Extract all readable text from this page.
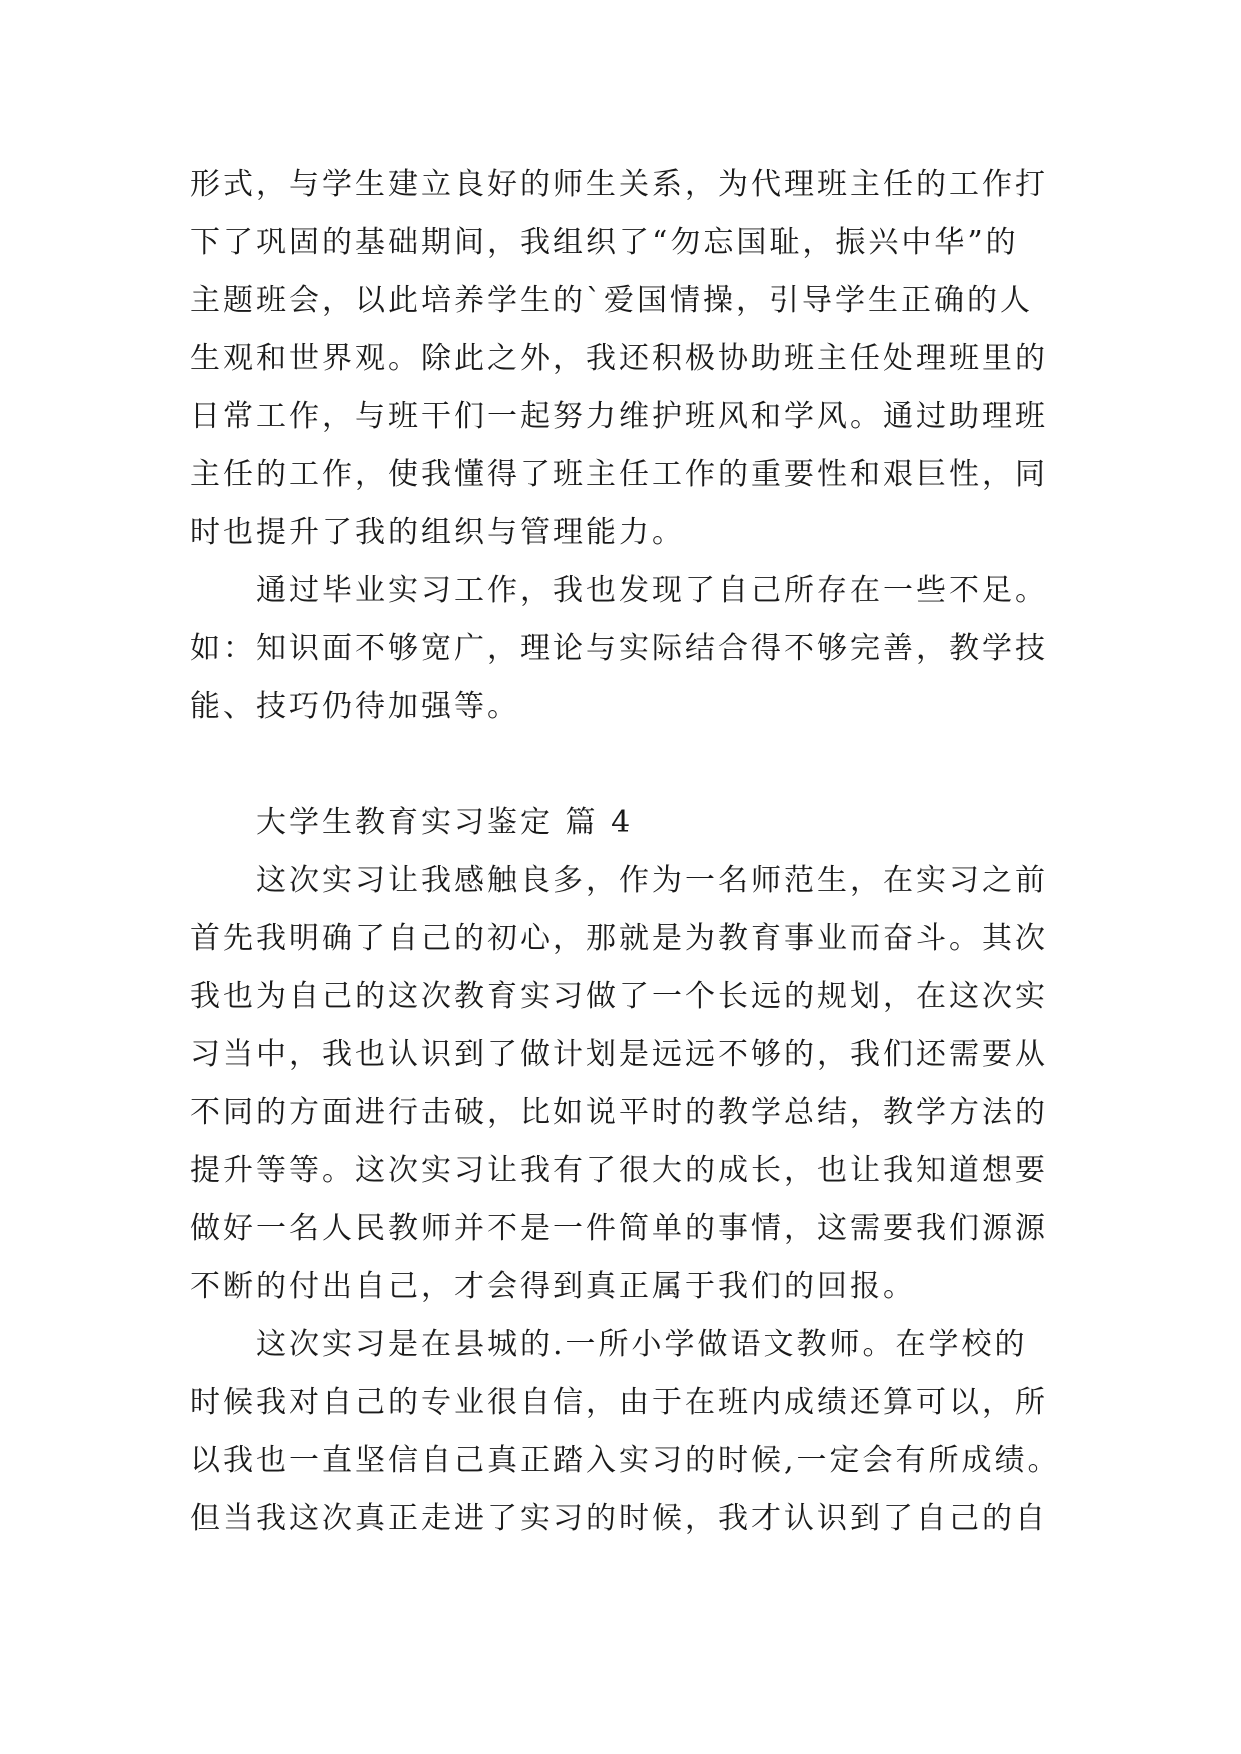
形式，与学生建立良好的师生关系，为代理班主任的工作打
下了巩固的基础期间，我组织了“勿忘国耻，振兴中华”的
主题班会，以此培养学生的`爱国情操，引导学生正确的人
生观和世界观。除此之外，我还积极协助班主任处理班里的
日常工作，与班干们一起努力维护班风和学风。通过助理班
主任的工作，使我懂得了班主任工作的重要性和艰巨性，同
时也提升了我的组织与管理能力。
通过毕业实习工作，我也发现了自己所存在一些不足。
如：知识面不够宽广，理论与实际结合得不够完善，教学技
能、技巧仍待加强等。
大学生教育实习鉴定 篇 4
这次实习让我感触良多，作为一名师范生，在实习之前
首先我明确了自己的初心，那就是为教育事业而奋斗。其次
我也为自己的这次教育实习做了一个长远的规划，在这次实
习当中，我也认识到了做计划是远远不够的，我们还需要从
不同的方面进行击破，比如说平时的教学总结，教学方法的
提升等等。这次实习让我有了很大的成长，也让我知道想要
做好一名人民教师并不是一件简单的事情，这需要我们源源
不断的付出自己，才会得到真正属于我们的回报。
这次实习是在县城的.一所小学做语文教师。在学校的
时候我对自己的专业很自信，由于在班内成绩还算可以，所
以我也一直坚信自己真正踏入实习的时候,一定会有所成绩。
但当我这次真正走进了实习的时候，我才认识到了自己的自
